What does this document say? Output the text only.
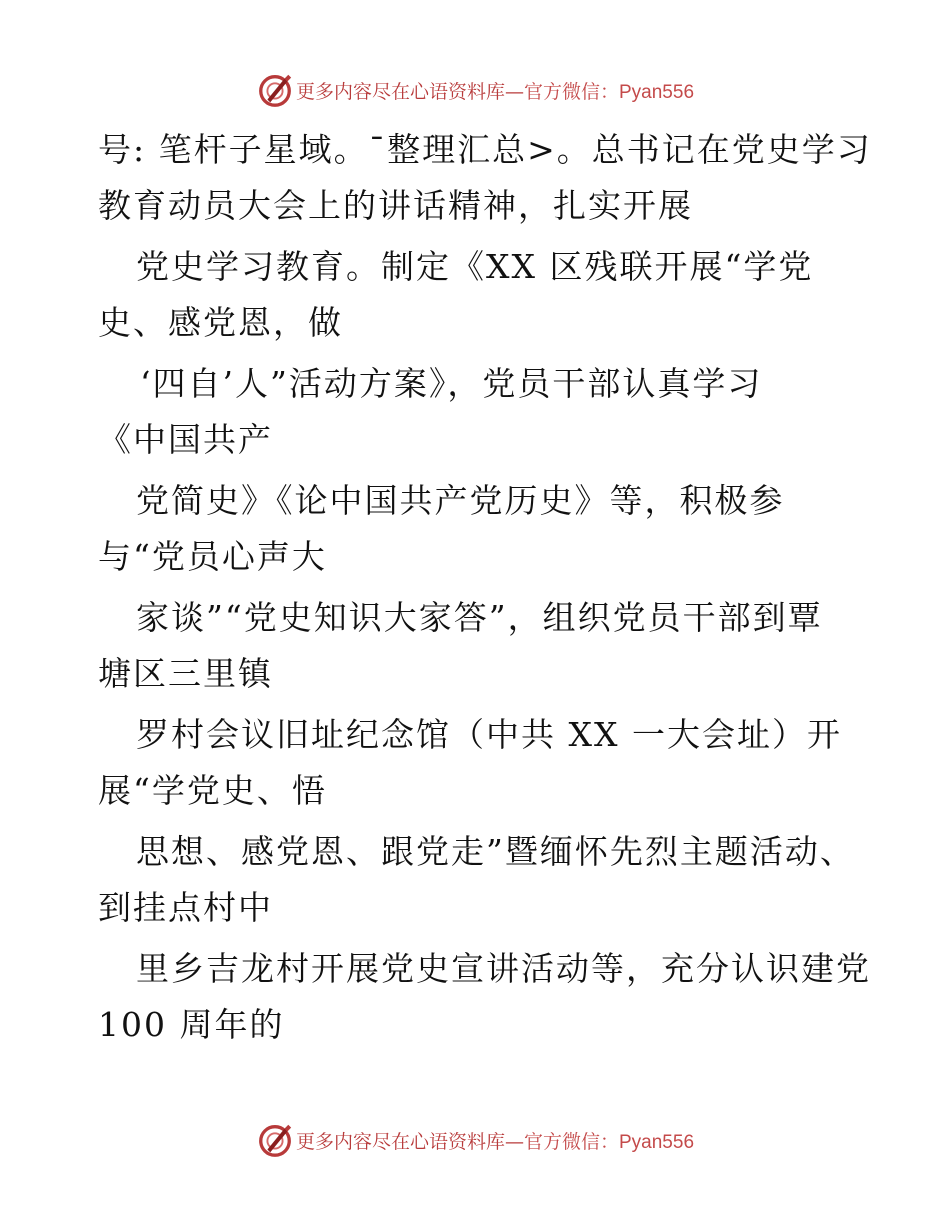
更多内容尽在心语资料库—官方微信：Pyan556
号: 笔杆子星域。¯整理汇总>。总书记在党史学习
教育动员大会上的讲话精神，扎实开展
党史学习教育。制定《XX 区残联开展“学党
史、感党恩，做
‘四自’人”活动方案》，党员干部认真学习
《中国共产
党简史》《论中国共产党历史》等，积极参
与“党员心声大
家谈”“党史知识大家答”，组织党员干部到覃
塘区三里镇
罗村会议旧址纪念馆（中共 XX 一大会址）开
展“学党史、悟
思想、感党恩、跟党走”暨缅怀先烈主题活动、
到挂点村中
里乡吉龙村开展党史宣讲活动等，充分认识建党
100 周年的
更多内容尽在心语资料库—官方微信：Pyan556
